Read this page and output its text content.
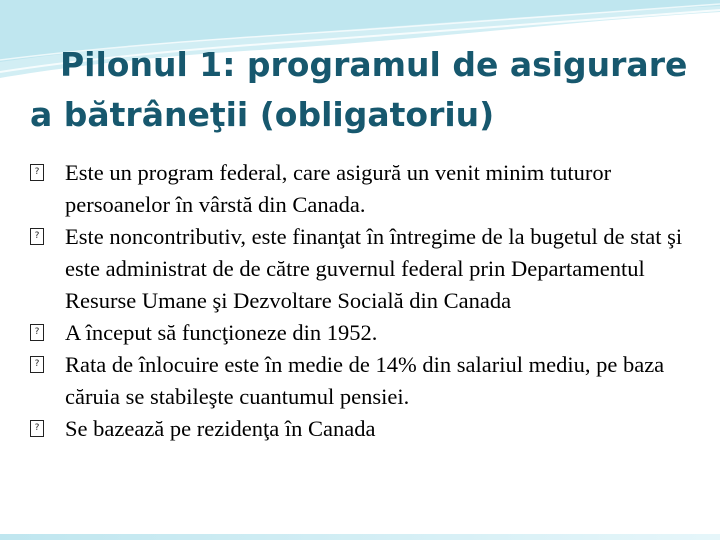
Pilonul 1: programul de asigurare
a bătrâneţii (obligatoriu)
?
Este un program federal, care asigură un venit minim tuturor persoanelor în vârstă din Canada.
?
Este noncontributiv, este finanţat în întregime de la bugetul de stat şi este administrat de de către guvernul federal prin Departamentul Resurse Umane şi Dezvoltare Socială din Canada
?
A început să funcţioneze din 1952.
?
Rata de înlocuire este în medie de 14% din salariul mediu, pe baza căruia se stabileşte cuantumul pensiei.
?
Se bazează pe rezidenţa în Canada
